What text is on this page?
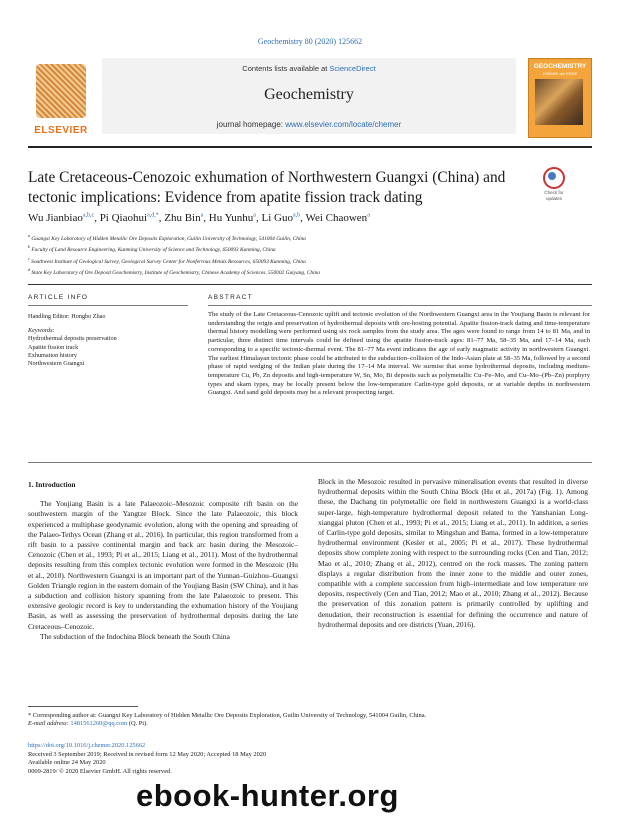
Geochemistry 80 (2020) 125662
ELSEVIER
Contents lists available at ScienceDirect
Geochemistry
journal homepage: www.elsevier.com/locate/chemer
GEOCHEMISTRY
CHEMIE der ERDE
Late Cretaceous-Cenozoic exhumation of Northwestern Guangxi (China) and tectonic implications: Evidence from apatite fission track dating	Check for
updates
Wu Jianbiao$^{a,b,c}$, Pi Qiaohui$^{a,d,*}$, Zhu Bin$^a$, Hu Yunhu$^a$, Li Guo$^{a,b}$, Wei Chaowen$^a$
$^a$ Guangxi Key Laboratory of Hidden Metallic Ore Deposits Exploration, Guilin University of Technology, 541004 Guilin, China
$^b$ Faculty of Land Resource Engineering, Kunming University of Science and Technology, 650093 Kunming, China
$^c$ Southwest Institute of Geological Survey, Geological Survey Center for Nonferrous Metals Resources, 650093 Kunming, China
$^d$ State Key Laboratory of Ore Deposit Geochemistry, Institute of Geochemistry, Chinese Academy of Sciences, 550002 Guiyang, China
ARTICLE INFO	ABSTRACT
Handling Editor: Hongbo Zhao
Keywords:
Hydrothermal deposits preservation
Apatite fission track
Exhumation history
Northwestern Guangxi
The study of the Late Cretaceous-Cenozoic uplift and tectonic evolution of the Northwestern Guangxi area in the Youjiang Basin is relevant for understanding the origin and preservation of hydrothermal deposits with ore-hosting potential. Apatite fission-track dating and time-temperature thermal history modelling were performed using six rock samples from the study area. The ages were found to range from 14 to 81 Ma, and in particular, three distinct time intervals could be defined using the apatite fission-track ages: 81–77 Ma, 58–35 Ma, and 17–14 Ma, each corresponding to a specific tectonic-thermal event. The 81–77 Ma event indicates the age of early magmatic activity in northwestern Guangxi. The earliest Himalayan tectonic phase could be attributed to the subduction–collision of the Indo-Asian plate at 58–35 Ma, followed by a second phase of rapid wedging of the Indian plate during the 17–14 Ma interval. We surmise that some hydrothermal deposits, including medium-temperature Cu, Pb, Zn deposits and high-temperature W, Sn, Mo, Bi deposits such as polymetallic Cu–Fe–Mo, and Cu–Mo–(Pb–Zn) porphyry types and skarn types, may be locally present below the low-temperature Carlin-type gold deposits, or at variable depths in northwestern Guangxi. And sand gold deposits may be a relevant prospecting target.
1. Introduction

The Youjiang Basin is a late Palaeozoic–Mesozoic composite rift basin on the southwestern margin of the Yangtze Block. Since the late Palaeozoic, this block experienced a multiphase geodynamic evolution, along with the opening and spreading of the Palaeo-Tethys Ocean (Zhang et al., 2016). In particular, this region transformed from a rift basin to a passive continental margin and back arc basin during the Mesozoic–Cenozoic (Chen et al., 1993; Pi et al., 2015; Liang et al., 2011). Most of the hydrothermal deposits resulting from this complex tectonic evolution were formed in the Mesozoic (Hu et al., 2010). Northwestern Guangxi is an important part of the Yunnan–Guizhou–Guangxi Golden Triangle region in the eastern domain of the Youjiang Basin (SW China), and it has a subduction and collision history spanning from the late Palaeozoic to present. This extensive geologic record is key to understanding the exhumation history of the Youjiang Basin, as well as assessing the preservation of hydrothermal deposits during the late Cretaceous–Cenozoic.

The subduction of the Indochina Block beneath the South China

Block in the Mesozoic resulted in pervasive mineralisation events that resulted in diverse hydrothermal deposits within the South China Block (Hu et al., 2017a) (Fig. 1). Among these, the Dachang tin polymetallic ore field in northwestern Guangxi is a world-class super-large, high-temperature hydrothermal deposit related to the Yanshanian Long-xianggai pluton (Chen et al., 1993; Pi et al., 2015; Liang et al., 2011). In addition, a series of Carlin-type gold deposits, similar to Mingshan and Bama, formed in a low-temperature hydrothermal environment (Kesler et al., 2005; Pi et al., 2017). These hydrothermal deposits show complete zoning with respect to the surrounding rocks (Cen and Tian, 2012; Mao et al., 2010; Zhang et al., 2012), centred on the rock masses. The zoning pattern displays a regular distribution from the inner zone to the middle and outer zones, compatible with a complete succession from high–intermediate and low temperature ore deposits, respectively (Cen and Tian, 2012; Mao et al., 2010; Zhang et al., 2012). Because the preservation of this zonation pattern is primarily controlled by uplifting and denudation, their reconstruction is essential for defining the occurrence and nature of hydrothermal deposits and ore districts (Yuan, 2016).

* Corresponding author at: Guangxi Key Laboratory of Hidden Metallic Ore Deposits Exploration, Guilin University of Technology, 541004 Guilin, China.
E-mail address: 1481561260@qq.com (Q. Pi).
https://doi.org/10.1016/j.chemer.2020.125662
Received 3 September 2019; Received in revised form 12 May 2020; Accepted 18 May 2020
Available online 24 May 2020
0009-2819/ © 2020 Elsevier GmbH. All rights reserved.
ebook-hunter.org
